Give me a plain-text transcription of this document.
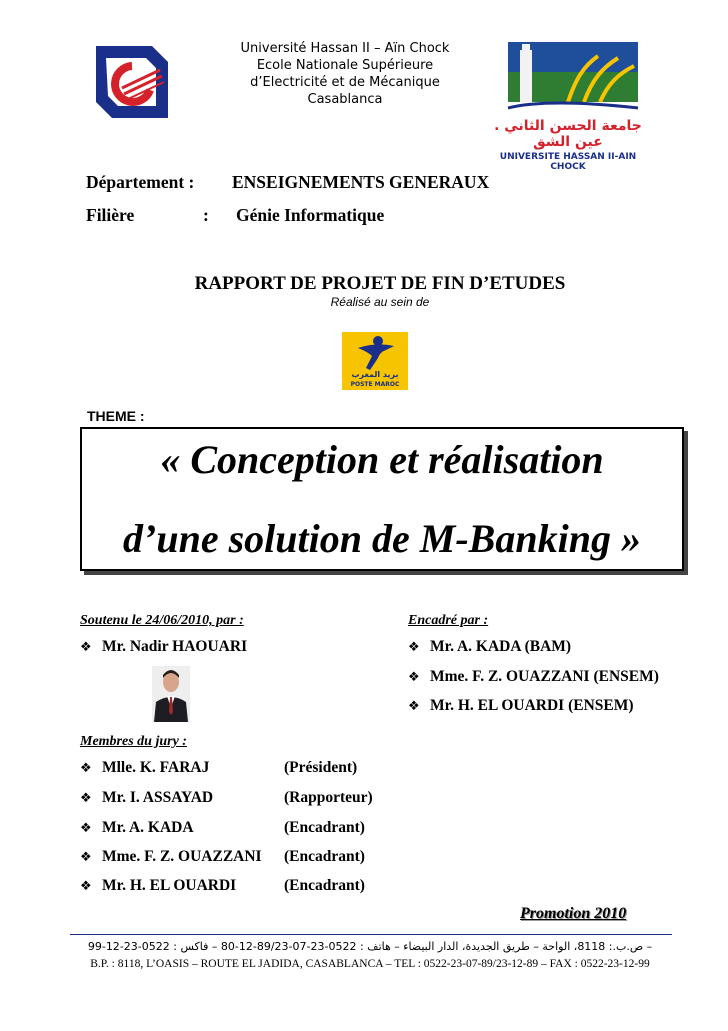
Université Hassan II – Aïn Chock
Ecole Nationale Supérieure
d’Electricité et de Mécanique
Casablanca
جامعة الحسن الثاني . عين الشق
UNIVERSITE HASSAN II-AIN CHOCK
Département : ENSEIGNEMENTS GENERAUX
Filière	: Génie Informatique
RAPPORT DE PROJET DE FIN D’ETUDES
Réalisé au sein de
بريد المغرب
POSTE MAROC
THEME :
« Conception et réalisation
d’une solution de M-Banking »
Soutenu le 24/06/2010, par :
❖ Mr. Nadir HAOUARI
Encadré par :
❖ Mr. A. KADA (BAM)
❖ Mme. F. Z. OUAZZANI (ENSEM)
❖ Mr. H. EL OUARDI (ENSEM)
Membres du jury :
❖ Mlle. K. FARAJ	(Président)
❖ Mr. I. ASSAYAD	(Rapporteur)
❖ Mr. A. KADA	(Encadrant)
❖ Mme. F. Z. OUAZZANI (Encadrant)
❖ Mr. H. EL OUARDI	(Encadrant)
Promotion 2010
– ص.ب.: 8118، الواحة – طريق الجديدة، الدار البيضاء – هاتف : 0522-23-07-89/23-12-80 – فاكس : 0522-23-12-99
B.P. : 8118, L’OASIS – ROUTE EL JADIDA, CASABLANCA – TEL : 0522-23-07-89/23-12-89 – FAX : 0522-23-12-99
